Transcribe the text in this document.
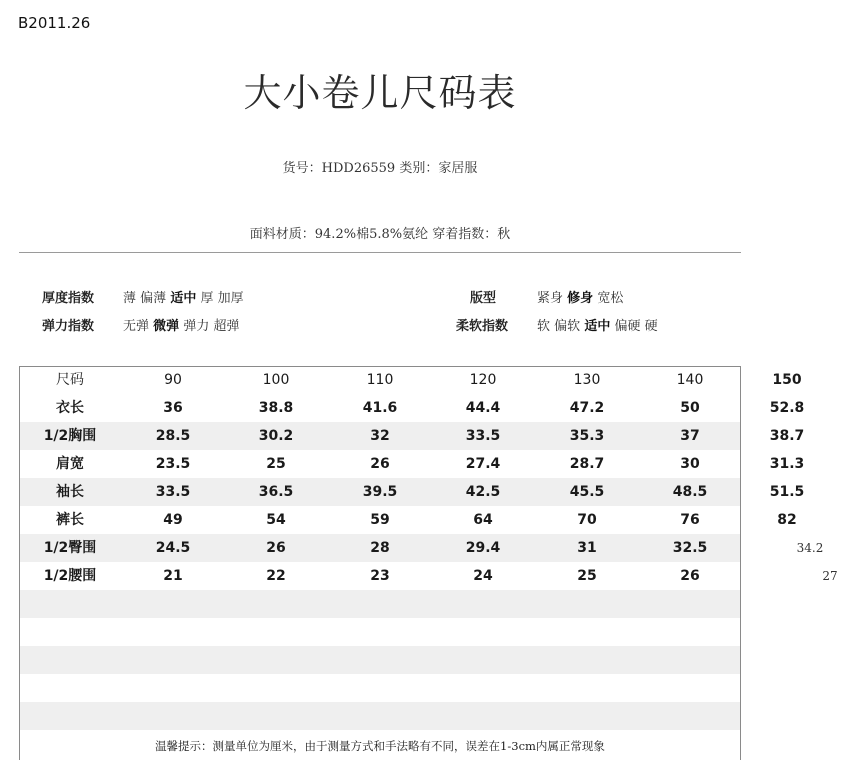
B2011.26
大小卷儿尺码表
货号：HDD26559 类别：家居服
面料材质：94.2%棉5.8%氨纶 穿着指数：秋
厚度指数 薄 偏薄 适中 厚 加厚
弹力指数 无弹 微弹 弹力 超弹
版型	紧身 修身 宽松
柔软指数 软 偏软 适中 偏硬 硬
尺码	90	100	110	120	130	140	150
衣长	36	38.8	41.6	44.4	47.2	50	52.8
1/2胸围	28.5	30.2	32	33.5	35.3	37	38.7
肩宽	23.5	25	26	27.4	28.7	30	31.3
袖长	33.5	36.5	39.5	42.5	45.5	48.5	51.5
裤长	49	54	59	64	70	76	82
1/2臀围	24.5	26	28	29.4	31	32.5	34.2
1/2腰围	21	22	23	24	25	26	27
温馨提示：测量单位为厘米，由于测量方式和手法略有不同，误差在1-3cm内属正常现象
